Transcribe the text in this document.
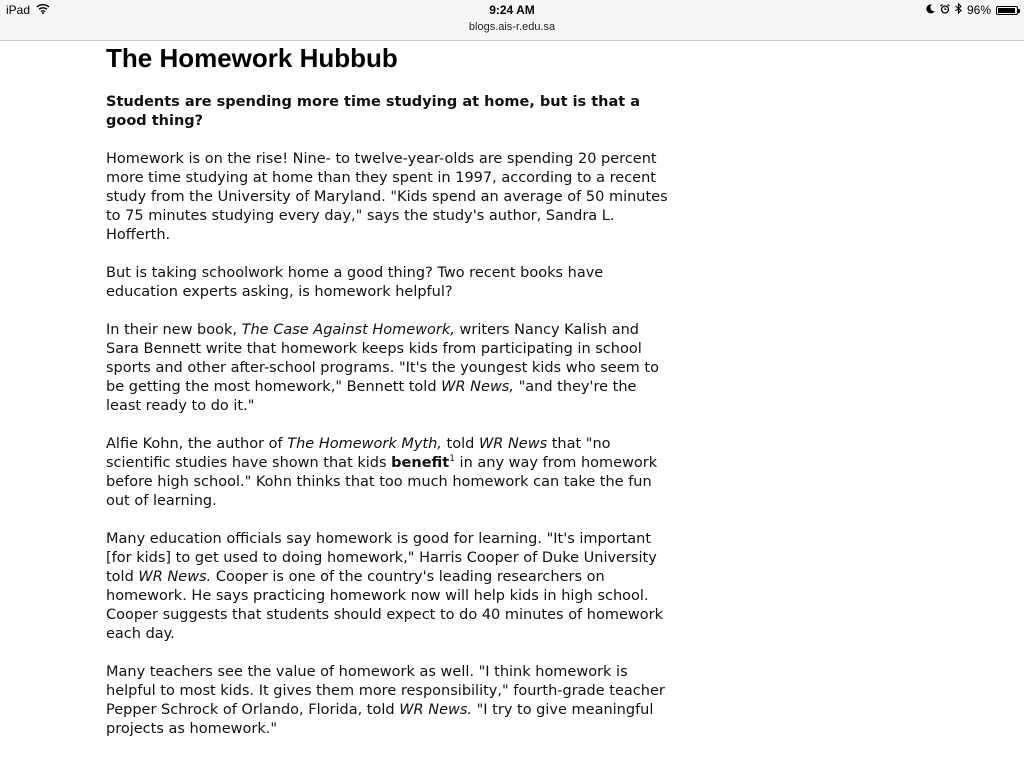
iPad	9:24 AM	96%
blogs.ais-r.edu.sa
The Homework Hubbub

Students are spending more time studying at home, but is that a good thing?

Homework is on the rise! Nine- to twelve-year-olds are spending 20 percent more time studying at home than they spent in 1997, according to a recent study from the University of Maryland. "Kids spend an average of 50 minutes to 75 minutes studying every day," says the study's author, Sandra L. Hofferth.

But is taking schoolwork home a good thing? Two recent books have education experts asking, is homework helpful?

In their new book, The Case Against Homework, writers Nancy Kalish and Sara Bennett write that homework keeps kids from participating in school sports and other after-school programs. "It's the youngest kids who seem to be getting the most homework," Bennett told WR News, "and they're the least ready to do it."

Alfie Kohn, the author of The Homework Myth, told WR News that "no scientific studies have shown that kids benefit$^1$ in any way from homework before high school." Kohn thinks that too much homework can take the fun out of learning.

Many education officials say homework is good for learning. "It's important [for kids] to get used to doing homework," Harris Cooper of Duke University told WR News. Cooper is one of the country's leading researchers on homework. He says practicing homework now will help kids in high school. Cooper suggests that students should expect to do 40 minutes of homework each day.

Many teachers see the value of homework as well. "I think homework is helpful to most kids. It gives them more responsibility," fourth-grade teacher Pepper Schrock of Orlando, Florida, told WR News. "I try to give meaningful projects as homework."
